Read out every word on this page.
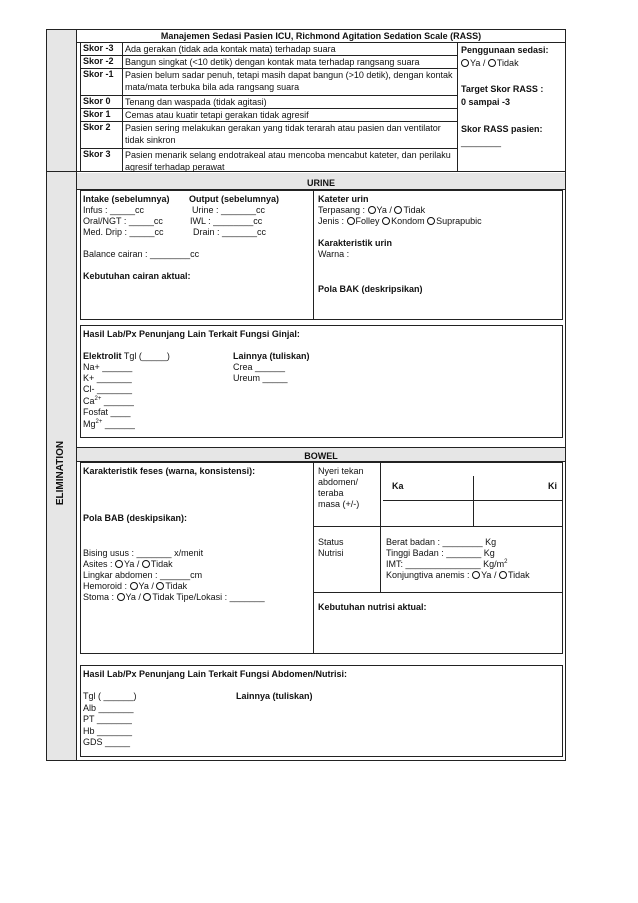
Manajemen Sedasi Pasien ICU, Richmond Agitation Sedation Scale (RASS)
Skor -3 Ada gerakan (tidak ada kontak mata) terhadap suara
Skor -2 Bangun singkat (<10 detik) dengan kontak mata terhadap rangsang suara
Skor -1 Pasien belum sadar penuh, tetapi masih dapat bangun (>10 detik), dengan kontak mata/mata terbuka bila ada rangsang suara
Skor 0 Tenang dan waspada (tidak agitasi)
Skor 1 Cemas atau kuatir tetapi gerakan tidak agresif
Skor 2 Pasien sering melakukan gerakan yang tidak terarah atau pasien dan ventilator tidak sinkron
Skor 3 Pasien menarik selang endotrakeal atau mencoba mencabut kateter, dan perilaku agresif terhadap perawat
Penggunaan sedasi:
Ya / Tidak
Target Skor RASS :
0 sampai -3
Skor RASS pasien:
________
ELIMINATION
URINE
Intake (sebelumnya) Output (sebelumnya)
Infus : _____cc	Urine : _______cc
Oral/NGT : _____cc	IWL : ________cc
Med. Drip : _____cc	Drain : _______cc
Balance cairan : ________cc
Kebutuhan cairan aktual:
Kateter urin
Terpasang : Ya / Tidak
Jenis : Folley Kondom Suprapubic
Karakteristik urin
Warna :
Pola BAK (deskripsikan)
Hasil Lab/Px Penunjang Lain Terkait Fungsi Ginjal:
Elektrolit Tgl (_____)	Lainnya (tuliskan)
Na+ ______	Crea ______
K+ _______	Ureum _____
Cl- _______
$Ca^{2+}$ ______
Fosfat ____
$Mg^{2+}$ ______
BOWEL
Karakteristik feses (warna, konsistensi):
Pola BAB (deskipsikan):
Bising usus : _______ x/menit
Asites : Ya / Tidak
Lingkar abdomen : ______cm
Hemoroid : Ya / Tidak
Stoma : Ya / Tidak Tipe/Lokasi : _______
Nyeri tekan
abdomen/
teraba
masa (+/-)
Ka	Ki
Status
Nutrisi
Berat badan : ________ Kg
Tinggi Badan : _______ Kg
IMT: _______________ $Kg/m^2$
Konjungtiva anemis : Ya / Tidak
Kebutuhan nutrisi aktual:
Hasil Lab/Px Penunjang Lain Terkait Fungsi Abdomen/Nutrisi:
Tgl ( ______)	Lainnya (tuliskan)
Alb _______
PT _______
Hb _______
GDS _____
